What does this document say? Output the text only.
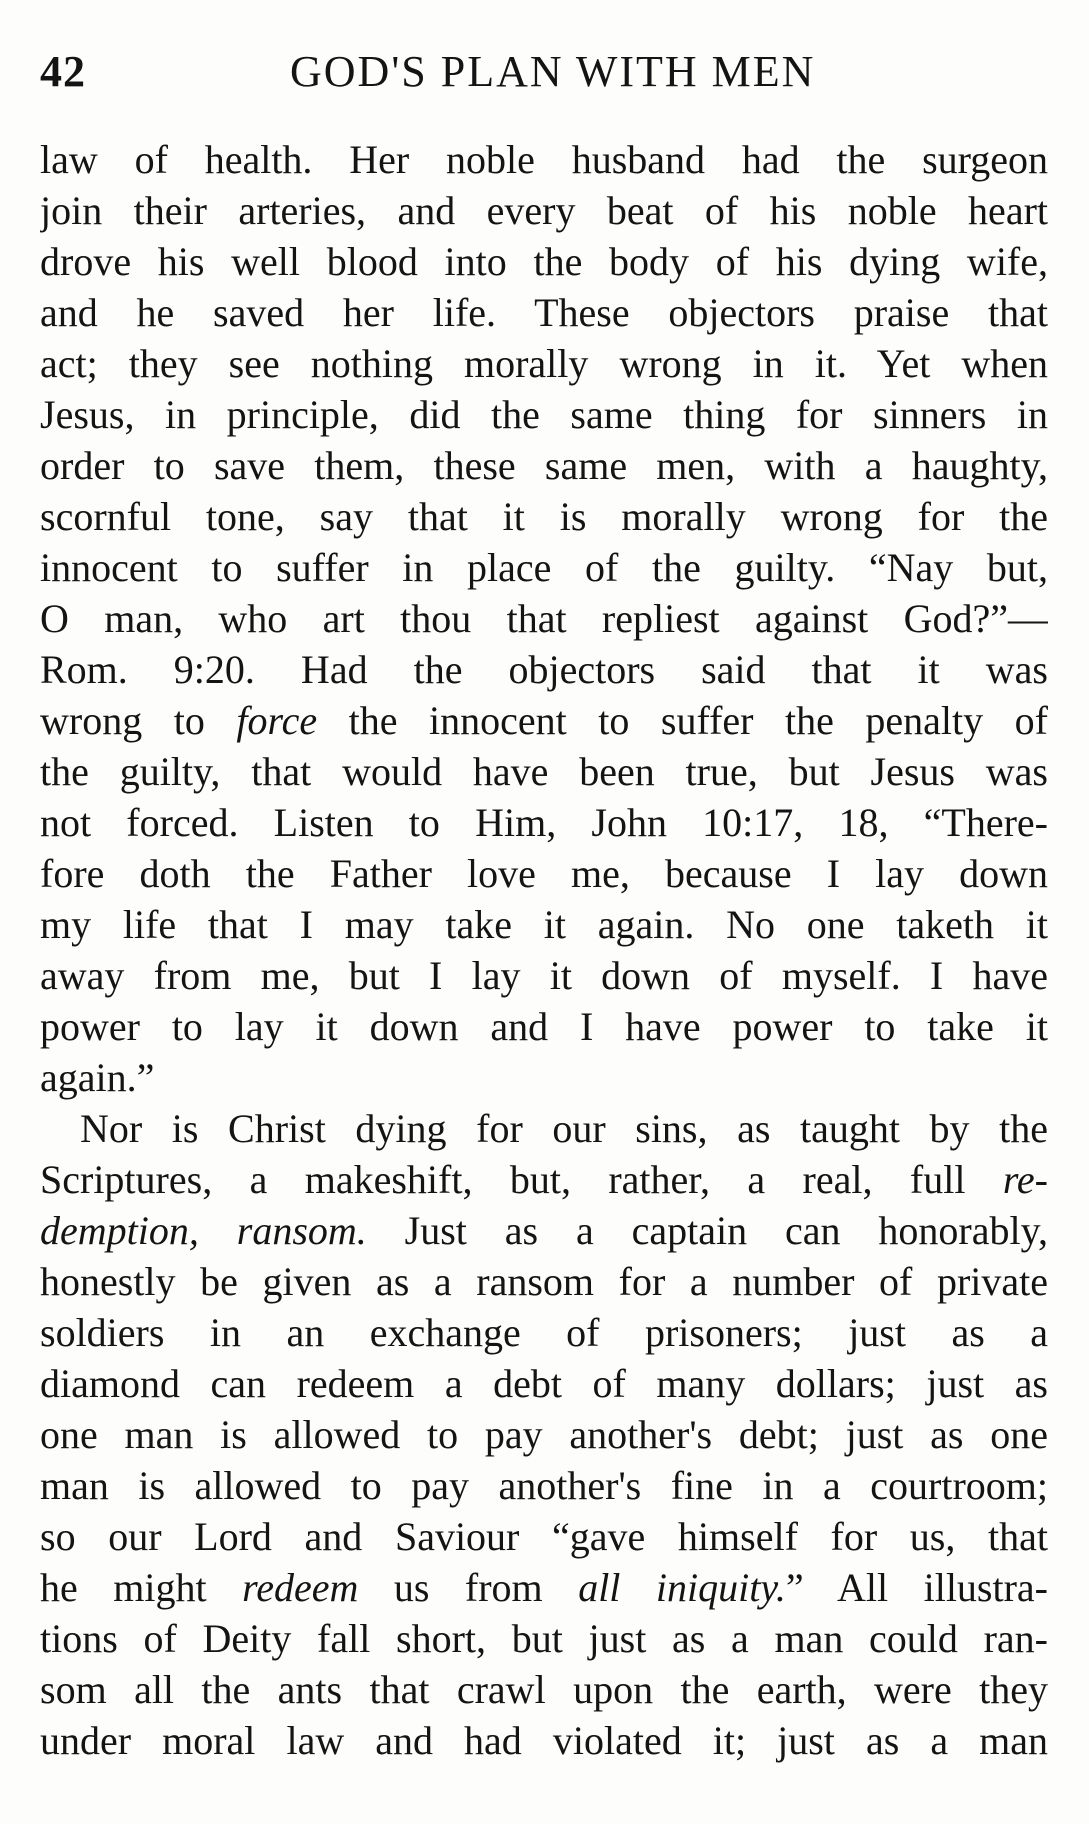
42	GOD'S PLAN WITH MEN
law of health. Her noble husband had the surgeon
join their arteries, and every beat of his noble heart
drove his well blood into the body of his dying wife,
and he saved her life. These objectors praise that
act; they see nothing morally wrong in it. Yet when
Jesus, in principle, did the same thing for sinners in
order to save them, these same men, with a haughty,
scornful tone, say that it is morally wrong for the
innocent to suffer in place of the guilty. “Nay but,
O man, who art thou that repliest against God?”—
Rom. 9:20. Had the objectors said that it was
wrong to force the innocent to suffer the penalty of
the guilty, that would have been true, but Jesus was
not forced. Listen to Him, John 10:17, 18, “There-
fore doth the Father love me, because I lay down
my life that I may take it again. No one taketh it
away from me, but I lay it down of myself. I have
power to lay it down and I have power to take it
again.”
Nor is Christ dying for our sins, as taught by the
Scriptures, a makeshift, but, rather, a real, full re-
demption, ransom. Just as a captain can honorably,
honestly be given as a ransom for a number of private
soldiers in an exchange of prisoners; just as a
diamond can redeem a debt of many dollars; just as
one man is allowed to pay another's debt; just as one
man is allowed to pay another's fine in a courtroom;
so our Lord and Saviour “gave himself for us, that
he might redeem us from all iniquity.” All illustra-
tions of Deity fall short, but just as a man could ran-
som all the ants that crawl upon the earth, were they
under moral law and had violated it; just as a man
